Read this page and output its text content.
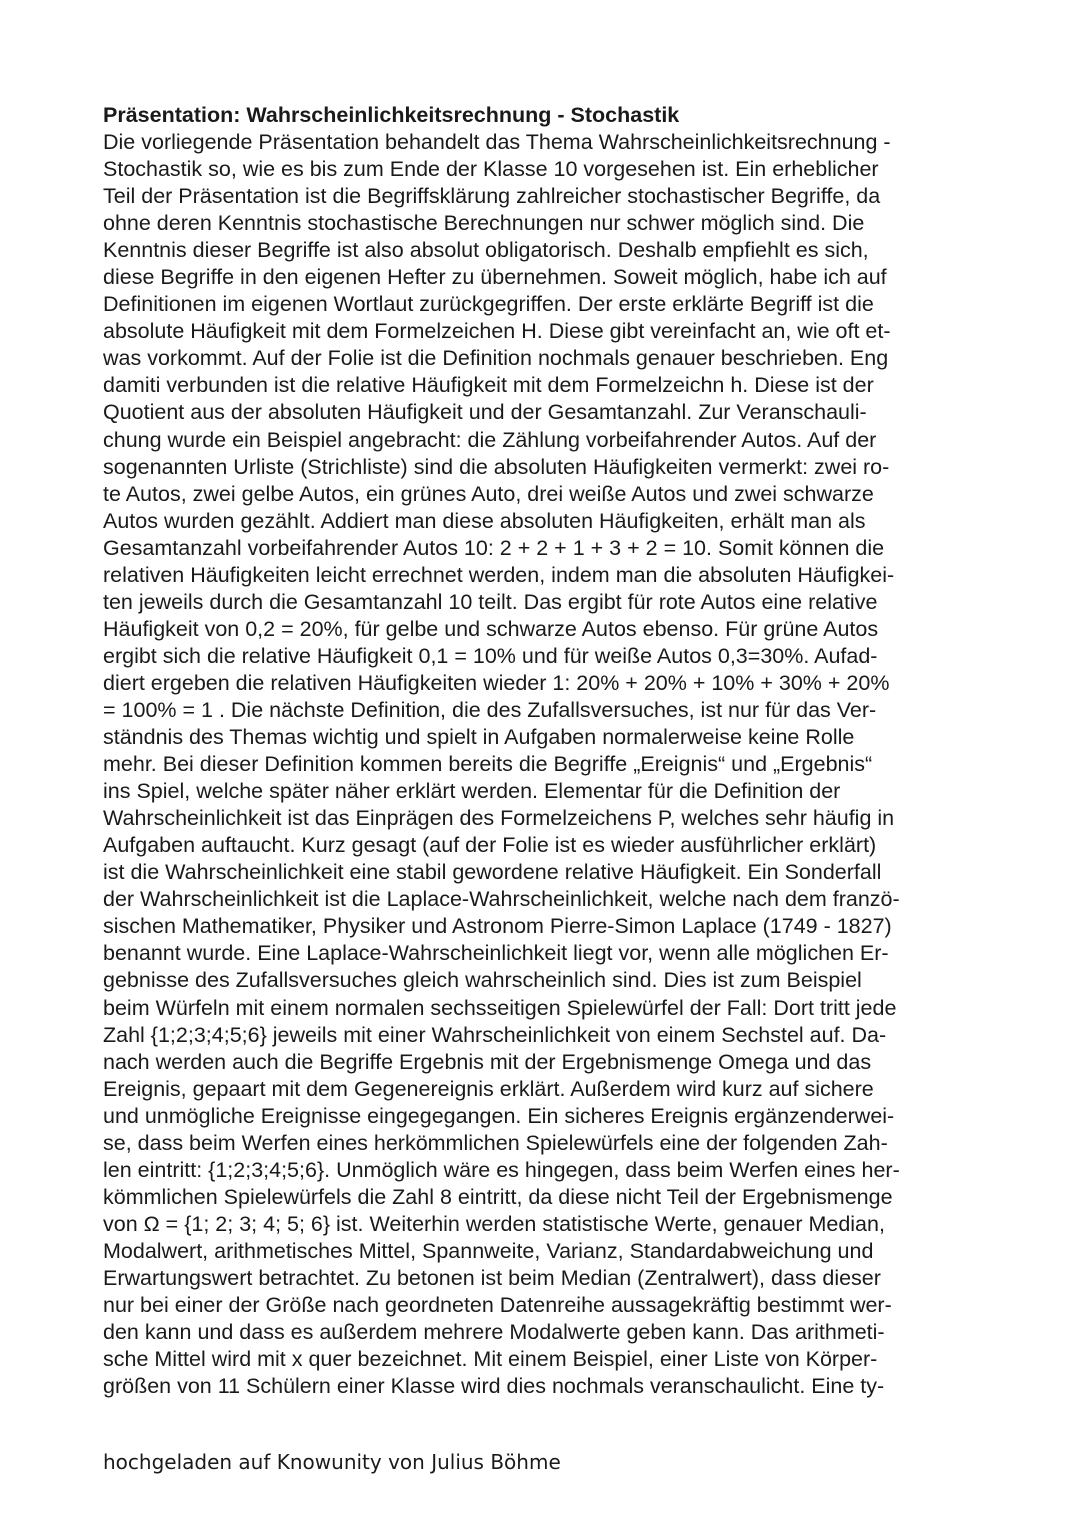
Präsentation: Wahrscheinlichkeitsrechnung - Stochastik
Die vorliegende Präsentation behandelt das Thema Wahrscheinlichkeitsrechnung -
Stochastik so, wie es bis zum Ende der Klasse 10 vorgesehen ist. Ein erheblicher
Teil der Präsentation ist die Begriffsklärung zahlreicher stochastischer Begriffe, da
ohne deren Kenntnis stochastische Berechnungen nur schwer möglich sind. Die
Kenntnis dieser Begriffe ist also absolut obligatorisch. Deshalb empfiehlt es sich,
diese Begriffe in den eigenen Hefter zu übernehmen. Soweit möglich, habe ich auf
Definitionen im eigenen Wortlaut zurückgegriffen. Der erste erklärte Begriff ist die
absolute Häufigkeit mit dem Formelzeichen H. Diese gibt vereinfacht an, wie oft et-
was vorkommt. Auf der Folie ist die Definition nochmals genauer beschrieben. Eng
damiti verbunden ist die relative Häufigkeit mit dem Formelzeichn h. Diese ist der
Quotient aus der absoluten Häufigkeit und der Gesamtanzahl. Zur Veranschauli-
chung wurde ein Beispiel angebracht: die Zählung vorbeifahrender Autos. Auf der
sogenannten Urliste (Strichliste) sind die absoluten Häufigkeiten vermerkt: zwei ro-
te Autos, zwei gelbe Autos, ein grünes Auto, drei weiße Autos und zwei schwarze
Autos wurden gezählt. Addiert man diese absoluten Häufigkeiten, erhält man als
Gesamtanzahl vorbeifahrender Autos 10: 2 + 2 + 1 + 3 + 2 = 10. Somit können die
relativen Häufigkeiten leicht errechnet werden, indem man die absoluten Häufigkei-
ten jeweils durch die Gesamtanzahl 10 teilt. Das ergibt für rote Autos eine relative
Häufigkeit von 0,2 = 20%, für gelbe und schwarze Autos ebenso. Für grüne Autos
ergibt sich die relative Häufigkeit 0,1 = 10% und für weiße Autos 0,3=30%. Aufad-
diert ergeben die relativen Häufigkeiten wieder 1: 20% + 20% + 10% + 30% + 20%
= 100% = 1 . Die nächste Definition, die des Zufallsversuches, ist nur für das Ver-
ständnis des Themas wichtig und spielt in Aufgaben normalerweise keine Rolle
mehr. Bei dieser Definition kommen bereits die Begriffe „Ereignis“ und „Ergebnis“
ins Spiel, welche später näher erklärt werden. Elementar für die Definition der
Wahrscheinlichkeit ist das Einprägen des Formelzeichens P, welches sehr häufig in
Aufgaben auftaucht. Kurz gesagt (auf der Folie ist es wieder ausführlicher erklärt)
ist die Wahrscheinlichkeit eine stabil gewordene relative Häufigkeit. Ein Sonderfall
der Wahrscheinlichkeit ist die Laplace-Wahrscheinlichkeit, welche nach dem franzö-
sischen Mathematiker, Physiker und Astronom Pierre-Simon Laplace (1749 - 1827)
benannt wurde. Eine Laplace-Wahrscheinlichkeit liegt vor, wenn alle möglichen Er-
gebnisse des Zufallsversuches gleich wahrscheinlich sind. Dies ist zum Beispiel
beim Würfeln mit einem normalen sechsseitigen Spielewürfel der Fall: Dort tritt jede
Zahl {1;2;3;4;5;6} jeweils mit einer Wahrscheinlichkeit von einem Sechstel auf. Da-
nach werden auch die Begriffe Ergebnis mit der Ergebnismenge Omega und das
Ereignis, gepaart mit dem Gegenereignis erklärt. Außerdem wird kurz auf sichere
und unmögliche Ereignisse eingegegangen. Ein sicheres Ereignis ergänzenderwei-
se, dass beim Werfen eines herkömmlichen Spielewürfels eine der folgenden Zah-
len eintritt: {1;2;3;4;5;6}. Unmöglich wäre es hingegen, dass beim Werfen eines her-
kömmlichen Spielewürfels die Zahl 8 eintritt, da diese nicht Teil der Ergebnismenge
von Ω = {1; 2; 3; 4; 5; 6} ist. Weiterhin werden statistische Werte, genauer Median,
Modalwert, arithmetisches Mittel, Spannweite, Varianz, Standardabweichung und
Erwartungswert betrachtet. Zu betonen ist beim Median (Zentralwert), dass dieser
nur bei einer der Größe nach geordneten Datenreihe aussagekräftig bestimmt wer-
den kann und dass es außerdem mehrere Modalwerte geben kann. Das arithmeti-
sche Mittel wird mit x quer bezeichnet. Mit einem Beispiel, einer Liste von Körper-
größen von 11 Schülern einer Klasse wird dies nochmals veranschaulicht. Eine ty-
hochgeladen auf Knowunity von Julius Böhme
